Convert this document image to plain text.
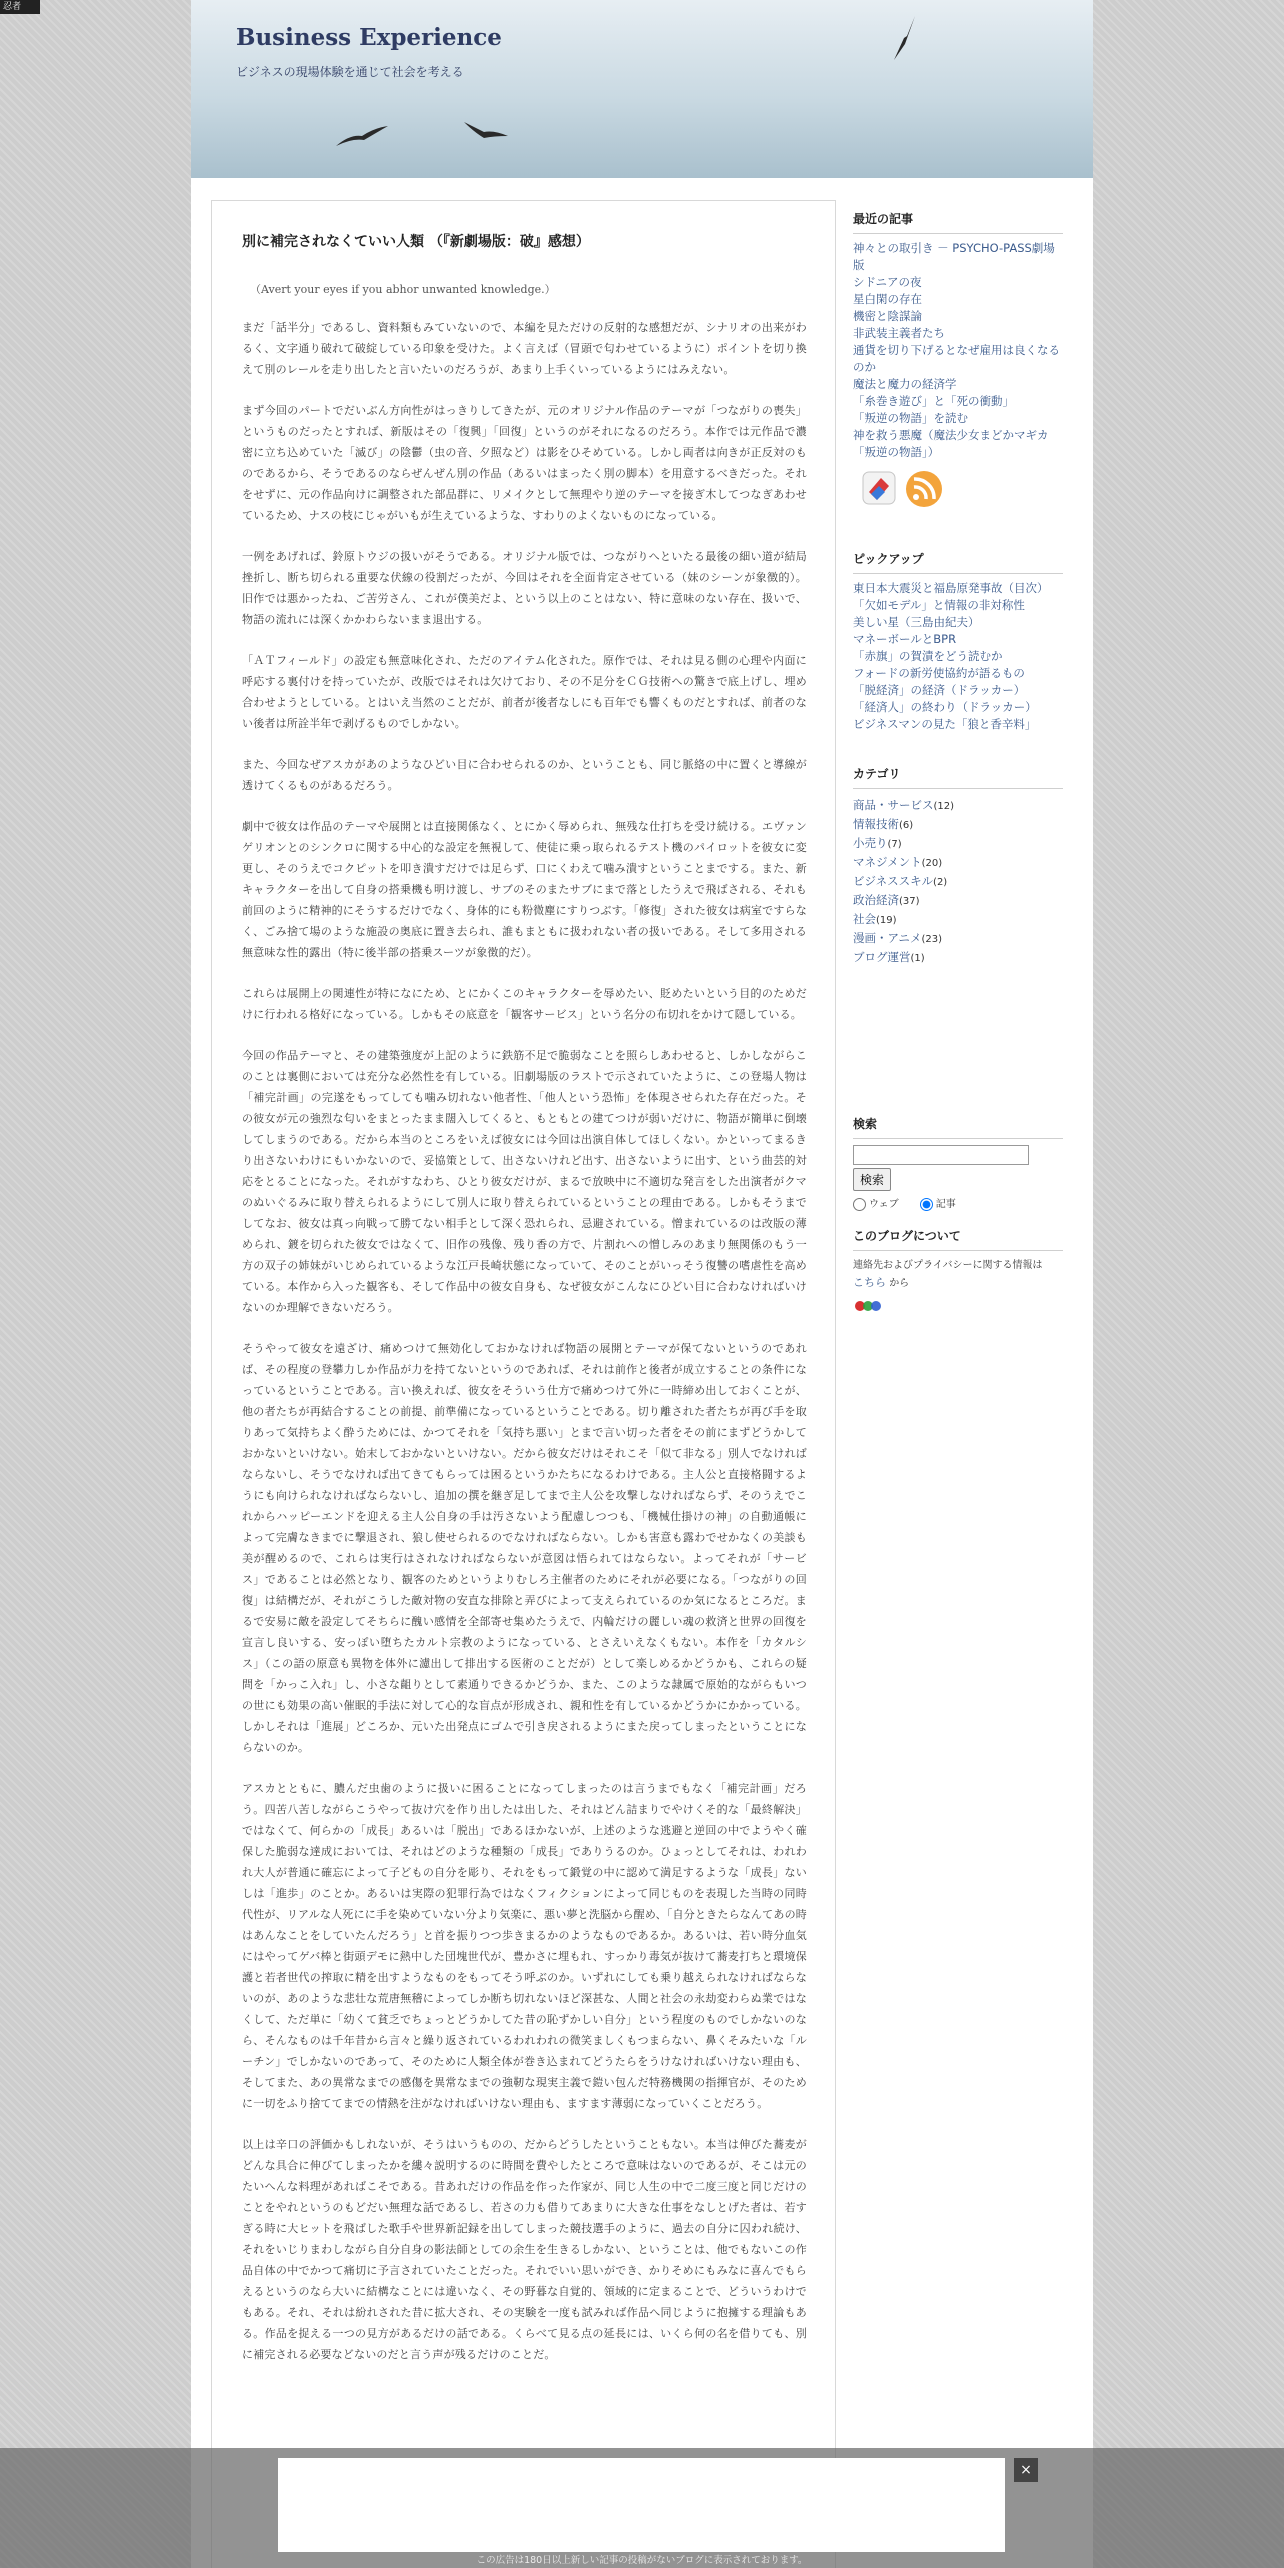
忍者
Business Experience
ビジネスの現場体験を通じて社会を考える
別に補完されなくていい人類 （『新劇場版：破』感想）
（Avert your eyes if you abhor unwanted knowledge.）

まだ「話半分」であるし、資料類もみていないので、本編を見ただけの反射的な感想だが、シナリオの出来がわるく、文字通り破れて破綻している印象を受けた。よく言えば（冒頭で匂わせているように）ポイントを切り換えて別のレールを走り出したと言いたいのだろうが、あまり上手くいっているようにはみえない。

まず今回のパートでだいぶん方向性がはっきりしてきたが、元のオリジナル作品のテーマが「つながりの喪失」というものだったとすれば、新版はその「復興」「回復」というのがそれになるのだろう。本作では元作品で濃密に立ち込めていた「滅び」の陰鬱（虫の音、夕照など）は影をひそめている。しかし両者は向きが正反対のものであるから、そうであるのならぜんぜん別の作品（あるいはまったく別の脚本）を用意するべきだった。それをせずに、元の作品向けに調整された部品群に、リメイクとして無理やり逆のテーマを接ぎ木してつなぎあわせているため、ナスの枝にじゃがいもが生えているような、すわりのよくないものになっている。

一例をあげれば、鈴原トウジの扱いがそうである。オリジナル版では、つながりへといたる最後の細い道が結局挫折し、断ち切られる重要な伏線の役割だったが、今回はそれを全面肯定させている（妹のシーンが象徴的）。旧作では悪かったね、ご苦労さん、これが僕美だよ、という以上のことはない、特に意味のない存在、扱いで、物語の流れには深くかかわらないまま退出する。

「ＡＴフィールド」の設定も無意味化され、ただのアイテム化された。原作では、それは見る側の心理や内面に呼応する裏付けを持っていたが、改版ではそれは欠けており、その不足分をＣＧ技術への驚きで底上げし、埋め合わせようとしている。とはいえ当然のことだが、前者が後者なしにも百年でも響くものだとすれば、前者のない後者は所詮半年で剥げるものでしかない。

また、今回なぜアスカがあのようなひどい目に合わせられるのか、ということも、同じ脈絡の中に置くと導線が透けてくるものがあるだろう。

劇中で彼女は作品のテーマや展開とは直接関係なく、とにかく辱められ、無残な仕打ちを受け続ける。エヴァンゲリオンとのシンクロに関する中心的な設定を無視して、使徒に乗っ取られるテスト機のパイロットを彼女に変更し、そのうえでコクピットを叩き潰すだけでは足らず、口にくわえて噛み潰すということまでする。また、新キャラクターを出して自身の搭乗機も明け渡し、サブのそのまたサブにまで落としたうえで飛ばされる、それも前回のように精神的にそうするだけでなく、身体的にも粉微塵にすりつぶす。「修復」された彼女は病室ですらなく、ごみ捨て場のような施設の奥底に置き去られ、誰もまともに扱われない者の扱いである。そして多用される無意味な性的露出（特に後半部の搭乗スーツが象徴的だ）。

これらは展開上の関連性が特になにため、とにかくこのキャラクターを辱めたい、貶めたいという目的のためだけに行われる格好になっている。しかもその底意を「観客サービス」という名分の布切れをかけて隠している。

今回の作品テーマと、その建築強度が上記のように鉄筋不足で脆弱なことを照らしあわせると、しかしながらこのことは裏側においては充分な必然性を有している。旧劇場版のラストで示されていたように、この登場人物は「補完計画」の完遂をもってしても噛み切れない他者性、「他人という恐怖」を体現させられた存在だった。その彼女が元の強烈な匂いをまとったまま闊入してくると、もともとの建てつけが弱いだけに、物語が簡単に倒壊してしまうのである。だから本当のところをいえば彼女には今回は出演自体してほしくない。かといってまるきり出さないわけにもいかないので、妥協策として、出さないけれど出す、出さないように出す、という曲芸的対応をとることになった。それがすなわち、ひとり彼女だけが、まるで放映中に不適切な発言をした出演者がクマのぬいぐるみに取り替えられるようにして別人に取り替えられているということの理由である。しかもそうまでしてなお、彼女は真っ向戦って勝てない相手として深く恐れられ、忌避されている。憎まれているのは改版の薄められ、鍍を切られた彼女ではなくて、旧作の残像、残り香の方で、片割れへの憎しみのあまり無関係のもう一方の双子の姉妹がいじめられているような江戸長崎状態になっていて、そのことがいっそう復讐の嗜虐性を高めている。本作から入った観客も、そして作品中の彼女自身も、なぜ彼女がこんなにひどい目に合わなければいけないのか理解できないだろう。

そうやって彼女を遠ざけ、痛めつけて無効化しておかなければ物語の展開とテーマが保てないというのであれば、その程度の登攀力しか作品が力を持てないというのであれば、それは前作と後者が成立することの条件になっているということである。言い換えれば、彼女をそういう仕方で痛めつけて外に一時締め出しておくことが、他の者たちが再結合することの前提、前準備になっているということである。切り離された者たちが再び手を取りあって気持ちよく酔うためには、かつてそれを「気持ち悪い」とまで言い切った者をその前にまずどうかしておかないといけない。始末しておかないといけない。だから彼女だけはそれこそ「似て非なる」別人でなければならないし、そうでなければ出てきてもらっては困るというかたちになるわけである。主人公と直接格闘するようにも向けられなければならないし、追加の撰を継ぎ足してまで主人公を攻撃しなければならず、そのうえでこれからハッピーエンドを迎える主人公自身の手は汚さないよう配慮しつつも、「機械仕掛けの神」の自動通帳によって完膚なきまでに撃退され、狼し使せられるのでなければならない。しかも害意も露わでせかなくの美談も美が醒めるので、これらは実行はされなければならないが意図は悟られてはならない。よってそれが「サービス」であることは必然となり、観客のためというよりむしろ主催者のためにそれが必要になる。「つながりの回復」は結構だが、それがこうした敵対物の安直な排除と弄びによって支えられているのか気になるところだ。まるで安易に敵を設定してそちらに醜い感情を全部寄せ集めたうえで、内輪だけの麗しい魂の救済と世界の回復を宣言し良いする、安っぽい堕ちたカルト宗教のようになっている、とさえいえなくもない。本作を「カタルシス」（この語の原意も異物を体外に濾出して排出する医術のことだが）として楽しめるかどうかも、これらの疑問を「かっこ入れ」し、小さな齟りとして素通りできるかどうか、また、このような隷属で原始的ながらもいつの世にも効果の高い催眠的手法に対して心的な盲点が形成され、親和性を有しているかどうかにかかっている。しかしそれは「進展」どころか、元いた出発点にゴムで引き戻されるようにまた戻ってしまったということにならないのか。

アスカとともに、膿んだ虫歯のように扱いに困ることになってしまったのは言うまでもなく「補完計画」だろう。四苦八苦しながらこうやって抜け穴を作り出したは出した、それはどん詰まりでやけくそ的な「最終解決」ではなくて、何らかの「成長」あるいは「脱出」であるほかないが、上述のような逃避と逆回の中でようやく確保した脆弱な達成においては、それはどのような種類の「成長」でありうるのか。ひょっとしてそれは、われわれ大人が普通に確忘によって子どもの自分を彫り、それをもって鍛覚の中に認めて満足するような「成長」ないしは「進歩」のことか。あるいは実際の犯罪行為ではなくフィクションによって同じものを表現した当時の同時代性が、リアルな人死にに手を染めていない分より気楽に、悪い夢と洗脳から醒め、「自分ときたらなんてあの時はあんなことをしていたんだろう」と首を振りつつ歩きまるかのようなものであるか。あるいは、若い時分血気にはやってゲバ棒と街頭デモに熱中した団塊世代が、豊かさに埋もれ、すっかり毒気が抜けて蕎麦打ちと環境保護と若者世代の搾取に精を出すようなものをもってそう呼ぶのか。いずれにしても乗り越えられなければならないのが、あのような悲壮な荒唐無稽によってしか断ち切れないほど深甚な、人間と社会の永劫変わらぬ業ではなくして、ただ単に「幼くて貧乏でちょっとどうかしてた昔の恥ずかしい自分」という程度のものでしかないのなら、そんなものは千年昔から言々と繰り返されているわれわれの微笑ましくもつまらない、鼻くそみたいな「ルーチン」でしかないのであって、そのために人類全体が巻き込まれてどうたらをうけなければいけない理由も、そしてまた、あの異常なまでの感傷を異常なまでの強靭な現実主義で鎧い包んだ特務機関の指揮官が、そのために一切をふり捨ててまでの情熱を注がなければいけない理由も、ますます薄弱になっていくことだろう。

以上は辛口の評価かもしれないが、そうはいうものの、だからどうしたということもない。本当は伸びた蕎麦がどんな具合に伸びてしまったかを縷々説明するのに時間を費やしたところで意味はないのであるが、そこは元のたいへんな料理があればこそである。昔あれだけの作品を作った作家が、同じ人生の中で二度三度と同じだけのことをやれというのもどだい無理な話であるし、若さの力も借りてあまりに大きな仕事をなしとげた者は、若すぎる時に大ヒットを飛ばした歌手や世界新記録を出してしまった競技選手のように、過去の自分に囚われ続け、それをいじりまわしながら自分自身の影法師としての余生を生きるしかない、ということは、他でもないこの作品自体の中でかつて痛切に予言されていたことだった。それでいい思いができ、かりそめにもみなに喜んでもらえるというのなら大いに結構なことには違いなく、その野暮な自覚的、領域的に定まることで、どういうわけでもある。それ、それは紛れされた昔に拡大され、その実験を一度も試みれば作品へ同じように抱擁する理論もある。作品を捉える一つの見方があるだけの話である。くらべて見る点の延長には、いくら何の名を借りても、別に補完される必要などないのだと言う声が残るだけのことだ。

最近の記事
神々との取引き － PSYCHO-PASS劇場版
シドニアの夜
星白閑の存在
機密と陰謀論
非武装主義者たち
通貨を切り下げるとなぜ雇用は良くなるのか
魔法と魔力の経済学
「糸巻き遊び」と「死の衝動」
「叛逆の物語」を読む
神を救う悪魔（魔法少女まどかマギカ「叛逆の物語」）
ピックアップ
東日本大震災と福島原発事故（目次）
「欠如モデル」と情報の非対称性
美しい星（三島由紀夫）
マネーボールとBPR
「赤旗」の賀漬をどう読むか
フォードの新労使協約が語るもの
「脱経済」の経済（ドラッカー）
「経済人」の終わり（ドラッカー）
ビジネスマンの見た「狼と香辛料」
カテゴリ
商品・サービス(12)
情報技術(6)
小売り(7)
マネジメント(20)
ビジネススキル(2)
政治経済(37)
社会(19)
漫画・アニメ(23)
ブログ運営(1)
検索
検索
ウェブ	記事
このブログについて

連絡先およびプライバシーに関する情報は
こちら から

×
この広告は180日以上新しい記事の投稿がないブログに表示されております。
